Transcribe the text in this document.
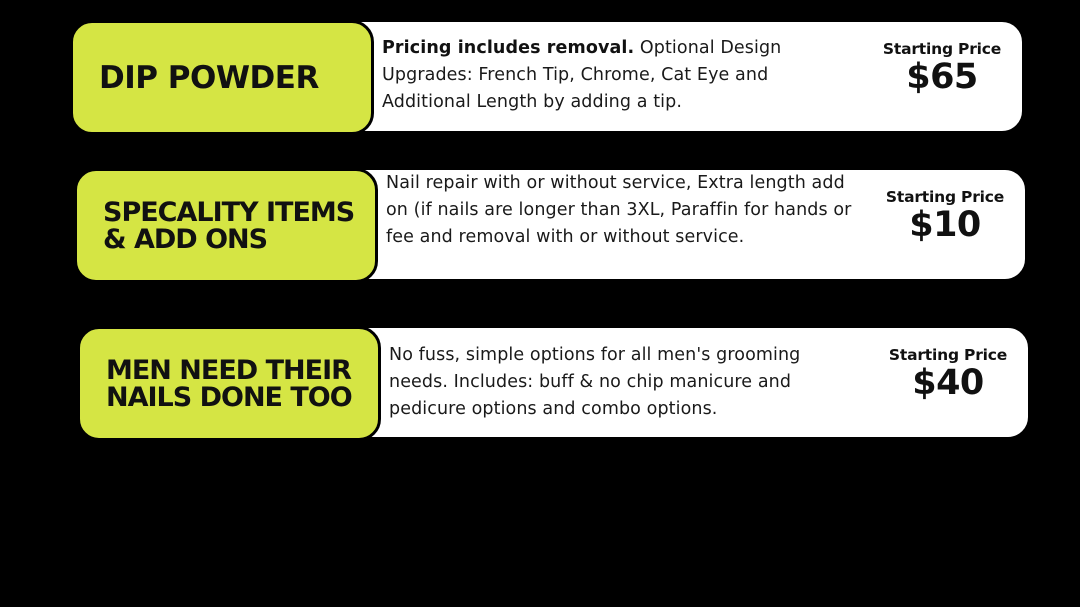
DIP POWDER
Pricing includes removal. Optional Design Upgrades: French Tip, Chrome, Cat Eye and Additional Length by adding a tip.
Starting Price
$65
SPECALITY ITEMS & ADD ONS
Nail repair with or without service, Extra length add on (if nails are longer than 3XL, Paraffin for hands or fee and removal with or without service.
Starting Price
$10
MEN NEED THEIR NAILS DONE TOO
No fuss, simple options for all men's grooming needs. Includes: buff & no chip manicure and pedicure options and combo options.
Starting Price
$40
